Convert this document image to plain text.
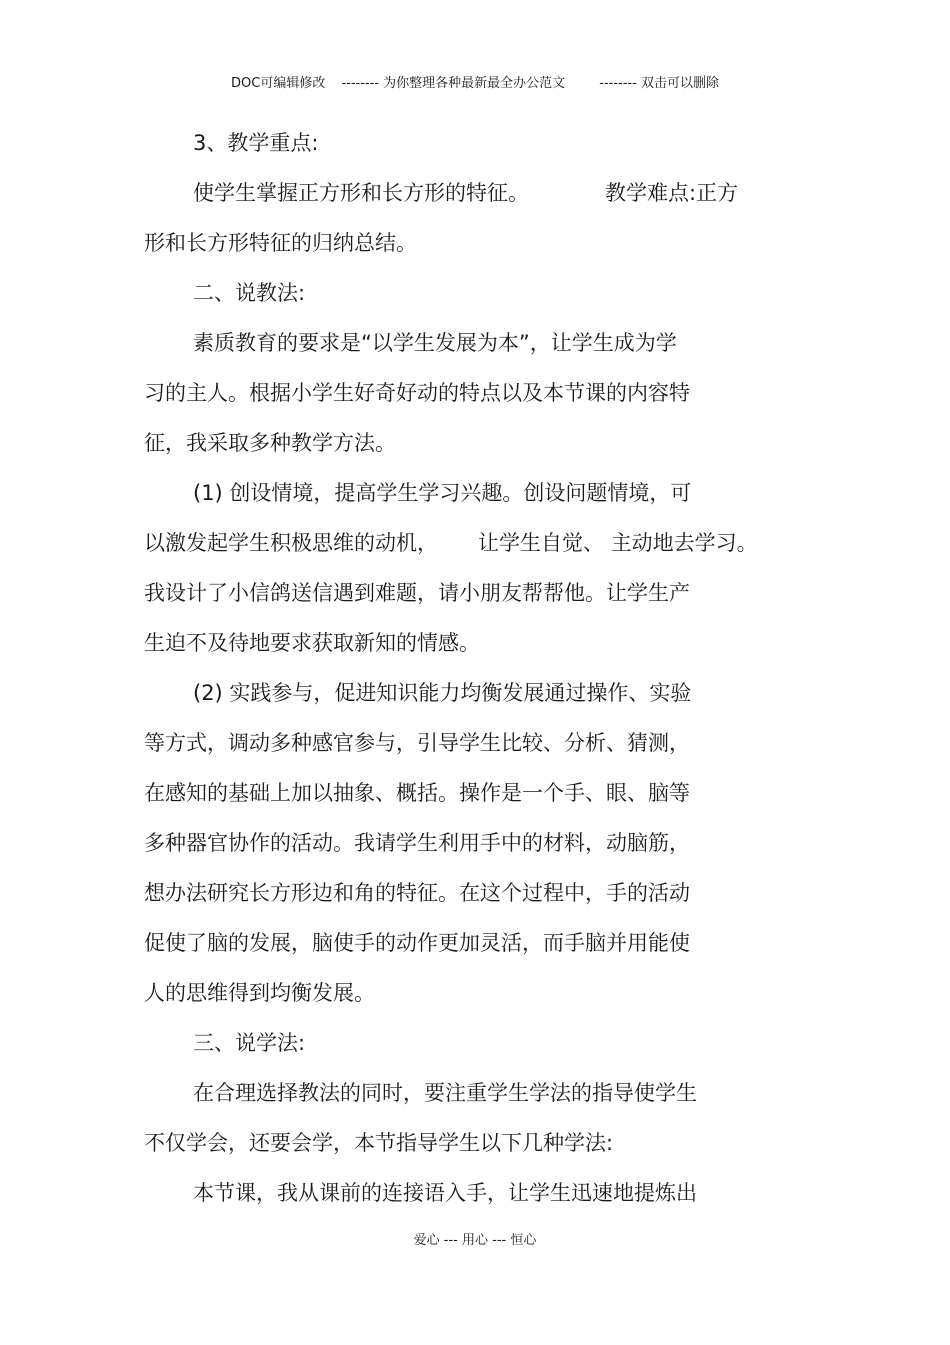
DOC可编辑修改 -------- 为你整理各种最新最全办公范文	-------- 双击可以删除
3、教学重点:
使学生掌握正方形和长方形的特征。	教学难点:正方
形和长方形特征的归纳总结。
二、说教法:
素质教育的要求是“以学生发展为本”，让学生成为学
习的主人。根据小学生好奇好动的特点以及本节课的内容特
征，我采取多种教学方法。
(1) 创设情境，提高学生学习兴趣。创设问题情境，可
以激发起学生积极思维的动机， 让学生自觉、 主动地去学习。
我设计了小信鸽送信遇到难题，请小朋友帮帮他。让学生产
生迫不及待地要求获取新知的情感。
(2) 实践参与，促进知识能力均衡发展通过操作、实验
等方式，调动多种感官参与，引导学生比较、分析、猜测，
在感知的基础上加以抽象、概括。操作是一个手、眼、脑等
多种器官协作的活动。我请学生利用手中的材料，动脑筋，
想办法研究长方形边和角的特征。在这个过程中，手的活动
促使了脑的发展，脑使手的动作更加灵活，而手脑并用能使
人的思维得到均衡发展。
三、说学法:
在合理选择教法的同时，要注重学生学法的指导使学生
不仅学会，还要会学，本节指导学生以下几种学法:
本节课，我从课前的连接语入手，让学生迅速地提炼出
爱心 --- 用心 --- 恒心
